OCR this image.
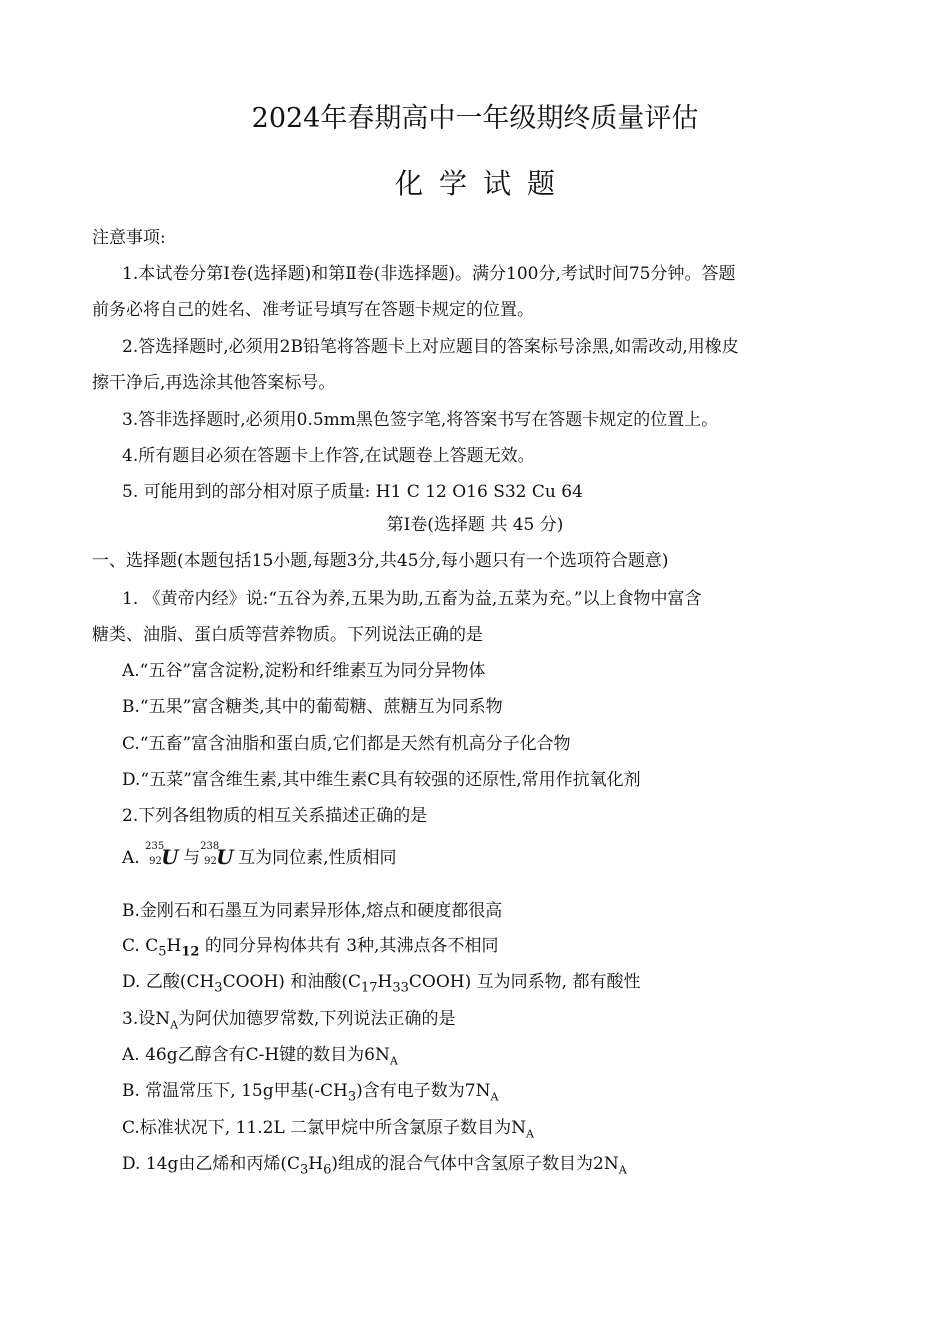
2024年春期高中一年级期终质量评估
化学试题
注意事项:
1.本试卷分第Ⅰ卷(选择题)和第Ⅱ卷(非选择题)。满分100分,考试时间75分钟。答题
前务必将自己的姓名、准考证号填写在答题卡规定的位置。
2.答选择题时,必须用2B铅笔将答题卡上对应题目的答案标号涂黑,如需改动,用橡皮
擦干净后,再选涂其他答案标号。
3.答非选择题时,必须用0.5mm黑色签字笔,将答案书写在答题卡规定的位置上。
4.所有题目必须在答题卡上作答,在试题卷上答题无效。
5. 可能用到的部分相对原子质量: H1 C 12 O16 S32 Cu 64
第Ⅰ卷(选择题 共 45 分)
一、选择题(本题包括15小题,每题3分,共45分,每小题只有一个选项符合题意)
1. 《黄帝内经》说:“五谷为养,五果为助,五畜为益,五菜为充。”以上食物中富含
糖类、油脂、蛋白质等营养物质。下列说法正确的是
A.“五谷”富含淀粉,淀粉和纤维素互为同分异物体
B.“五果”富含糖类,其中的葡萄糖、蔗糖互为同系物
C.“五畜”富含油脂和蛋白质,它们都是天然有机高分子化合物
D.“五菜”富含维生素,其中维生素C具有较强的还原性,常用作抗氧化剂
2.下列各组物质的相互关系描述正确的是
A.
235
92 U 与
238
92 U 互为同位素,性质相同
B.金刚石和石墨互为同素异形体,熔点和硬度都很高
C. $C_5H_{12}$ 的同分异构体共有 3种,其沸点各不相同
D. 乙酸$(CH_3COOH)$ 和油酸$(C_{17}H_{33}COOH)$ 互为同系物, 都有酸性
3.设$N_A$为阿伏加德罗常数,下列说法正确的是
A. 46g乙醇含有C-H键的数目为$6N_A$
B. 常温常压下, 15g甲基$(-CH_3)$含有电子数为$7N_A$
C.标准状况下, 11.2L 二氯甲烷中所含氯原子数目为$N_A$
D. 14g由乙烯和丙烯$(C_3H_6)$组成的混合气体中含氢原子数目为$2N_A$
